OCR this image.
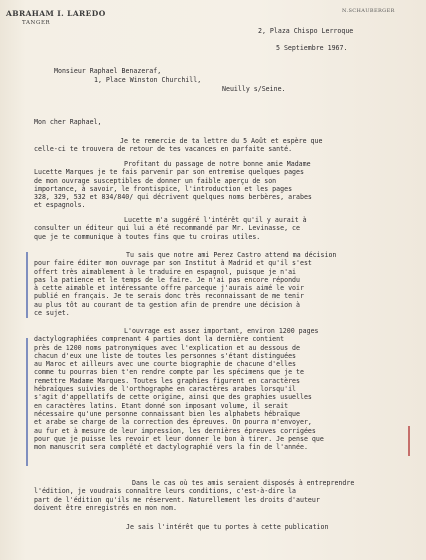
ABRAHAM I. LAREDO
TANGER
N.SCHAUBERGER
2, Plaza Chispo Lerroque
5 Septiembre 1967.
Monsieur Raphael Benazeraf,
1, Place Winston Churchill,
Neuilly s/Seine.
Mon cher Raphael,
Je te remercie de ta lettre du 5 Août et espère que
celle-ci te trouvera de retour de tes vacances en parfaite santé.
Profitant du passage de notre bonne amie Madame
Lucette Marques je te fais parvenir par son entremise quelques pages
de mon ouvrage susceptibles de donner un faible aperçu de son
importance, à savoir, le frontispice, l'introduction et les pages
328, 329, 532 et 834/840/ qui décrivent quelques noms berbères, arabes
et espagnols.
Lucette m'a suggéré l'intérêt qu'il y aurait à
consulter un éditeur qui lui a été recommandé par Mr. Levinasse, ce
que je te communique à toutes fins que tu croiras utiles.
Tu sais que notre ami Perez Castro attend ma décision
pour faire éditer mon ouvrage par son Institut à Madrid et qu'il s'est
offert très aimablement à le traduire en espagnol, puisque je n'ai
pas la patience et le temps de le faire. Je n'ai pas encore répondu
à cette aimable et intéressante offre parceque j'aurais aimé le voir
publié en français. Je te serais donc très reconnaissant de me tenir
au plus tôt au courant de ta gestion afin de prendre une décision à
ce sujet.
L'ouvrage est assez important, environ 1200 pages
dactylographiées comprenant 4 parties dont la dernière contient
près de 1200 noms patronymiques avec l'explication et au dessous de
chacun d'eux une liste de toutes les personnes s'étant distinguées
au Maroc et ailleurs avec une courte biographie de chacune d'elles
comme tu pourras bien t'en rendre compte par les spécimens que je te
remettre Madame Marques. Toutes les graphies figurent en caractères
hébraïques suivies de l'orthographe en caractères arabes lorsqu'il
s'agit d'appellatifs de cette origine, ainsi que des graphies usuelles
en caractères latins. Etant donné son imposant volume, il serait
nécessaire qu'une personne connaissant bien les alphabets hébraïque
et arabe se charge de la correction des épreuves. On pourra m'envoyer,
au fur et à mesure de leur impression, les dernières épreuves corrigées
pour que je puisse les revoir et leur donner le bon à tirer. Je pense que
mon manuscrit sera complété et dactylographié vers la fin de l'année.
Dans le cas où tes amis seraient disposés à entreprendre
l'édition, je voudrais connaître leurs conditions, c'est-à-dire la
part de l'édition qu'ils me réservent. Naturellement les droits d'auteur
doivent être enregistrés en mon nom.
Je sais l'intérêt que tu portes à cette publication
